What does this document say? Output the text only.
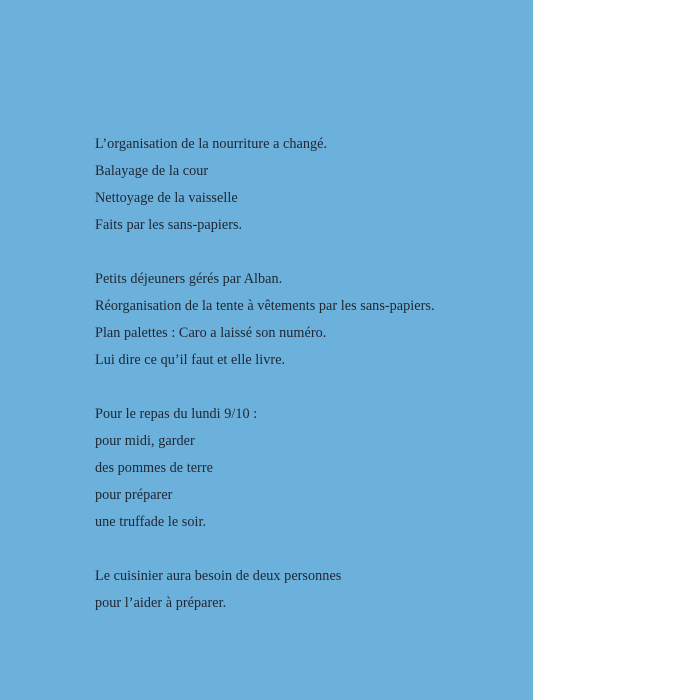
L’organisation de la nourriture a changé.
Balayage de la cour
Nettoyage de la vaisselle
Faits par les sans-papiers.
Petits déjeuners gérés par Alban.
Réorganisation de la tente à vêtements par les sans-papiers.
Plan palettes : Caro a laissé son numéro.
Lui dire ce qu’il faut et elle livre.
Pour le repas du lundi 9/10 :
pour midi, garder
des pommes de terre
pour préparer
une truffade le soir.
Le cuisinier aura besoin de deux personnes
pour l’aider à préparer.
